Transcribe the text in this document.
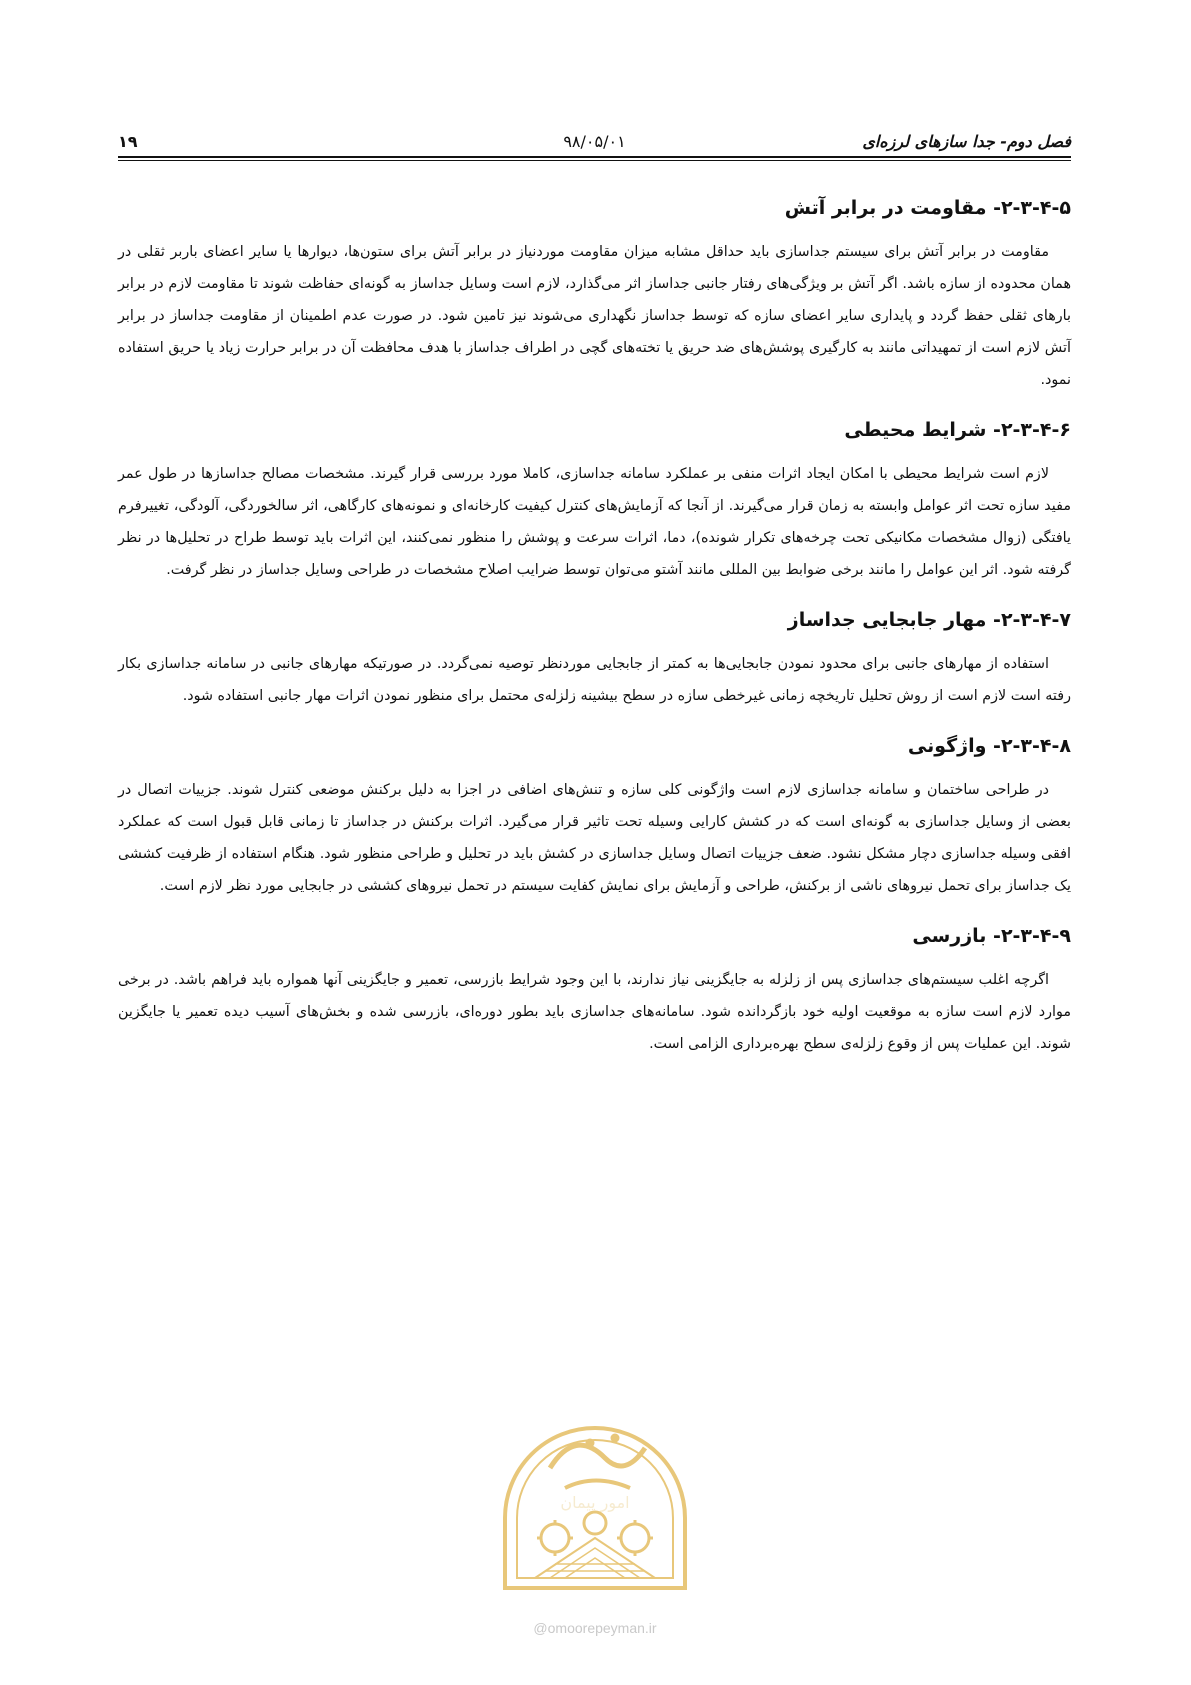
فصل دوم- جدا سازهای لرزه‌ای
۹۸/۰۵/۰۱
۱۹
۲-۳-۴-۵- مقاومت در برابر آتش

مقاومت در برابر آتش برای سیستم جداسازی باید حداقل مشابه میزان مقاومت موردنیاز در برابر آتش برای ستون‌ها، دیوارها یا سایر اعضای باربر ثقلی در همان محدوده از سازه باشد. اگر آتش بر ویژگی‌های رفتار جانبی جداساز اثر می‌گذارد، لازم است وسایل جداساز به گونه‌ای حفاظت شوند تا مقاومت لازم در برابر بارهای ثقلی حفظ گردد و پایداری سایر اعضای سازه که توسط جداساز نگهداری می‌شوند نیز تامین شود. در صورت عدم اطمینان از مقاومت جداساز در برابر آتش لازم است از تمهیداتی مانند به کارگیری پوشش‌های ضد حریق یا تخته‌های گچی در اطراف جداساز با هدف محافظت آن در برابر حرارت زیاد یا حریق استفاده نمود.

۲-۳-۴-۶- شرایط محیطی

لازم است شرایط محیطی با امکان ایجاد اثرات منفی بر عملکرد سامانه جداسازی، کاملا مورد بررسی قرار گیرند. مشخصات مصالح جداسازها در طول عمر مفید سازه تحت اثر عوامل وابسته به زمان قرار می‌گیرند. از آنجا که آزمایش‌های کنترل کیفیت کارخانه‌ای و نمونه‌های کارگاهی، اثر سالخوردگی، آلودگی، تغییرفرم یافتگی (زوال مشخصات مکانیکی تحت چرخه‌های تکرار شونده)، دما، اثرات سرعت و پوشش را منظور نمی‌کنند، این اثرات باید توسط طراح در تحلیل‌ها در نظر گرفته شود. اثر این عوامل را مانند برخی ضوابط بین المللی مانند آشتو می‌توان توسط ضرایب اصلاح مشخصات در طراحی وسایل جداساز در نظر گرفت.

۲-۳-۴-۷- مهار جابجایی جداساز

استفاده از مهارهای جانبی برای محدود نمودن جابجایی‌ها به کمتر از جابجایی موردنظر توصیه نمی‌گردد. در صورتیکه مهارهای جانبی در سامانه جداسازی بکار رفته است لازم است از روش تحلیل تاریخچه زمانی غیرخطی سازه در سطح بیشینه زلزله‌ی محتمل برای منظور نمودن اثرات مهار جانبی استفاده شود.

۲-۳-۴-۸- واژگونی

در طراحی ساختمان و سامانه جداسازی لازم است واژگونی کلی سازه و تنش‌های اضافی در اجزا به دلیل برکنش موضعی کنترل شوند. جزییات اتصال در بعضی از وسایل جداسازی به گونه‌ای است که در کشش کارایی وسیله تحت تاثیر قرار می‌گیرد. اثرات برکنش در جداساز تا زمانی قابل قبول است که عملکرد افقی وسیله جداسازی دچار مشکل نشود. ضعف جزییات اتصال وسایل جداسازی در کشش باید در تحلیل و طراحی منظور شود. هنگام استفاده از ظرفیت کششی یک جداساز برای تحمل نیروهای ناشی از برکنش، طراحی و آزمایش برای نمایش کفایت سیستم در تحمل نیروهای کششی در جابجایی مورد نظر لازم است.

۲-۳-۴-۹- بازرسی

اگرچه اغلب سیستم‌های جداسازی پس از زلزله به جایگزینی نیاز ندارند، با این وجود شرایط بازرسی، تعمیر و جایگزینی آنها همواره باید فراهم باشد. در برخی موارد لازم است سازه به موقعیت اولیه خود بازگردانده شود. سامانه‌های جداسازی باید بطور دوره‌ای، بازرسی شده و بخش‌های آسیب دیده تعمیر یا جایگزین شوند. این عملیات پس از وقوع زلزله‌ی سطح بهره‌برداری الزامی است.

امور پیمان
@omoorepeyman.ir
